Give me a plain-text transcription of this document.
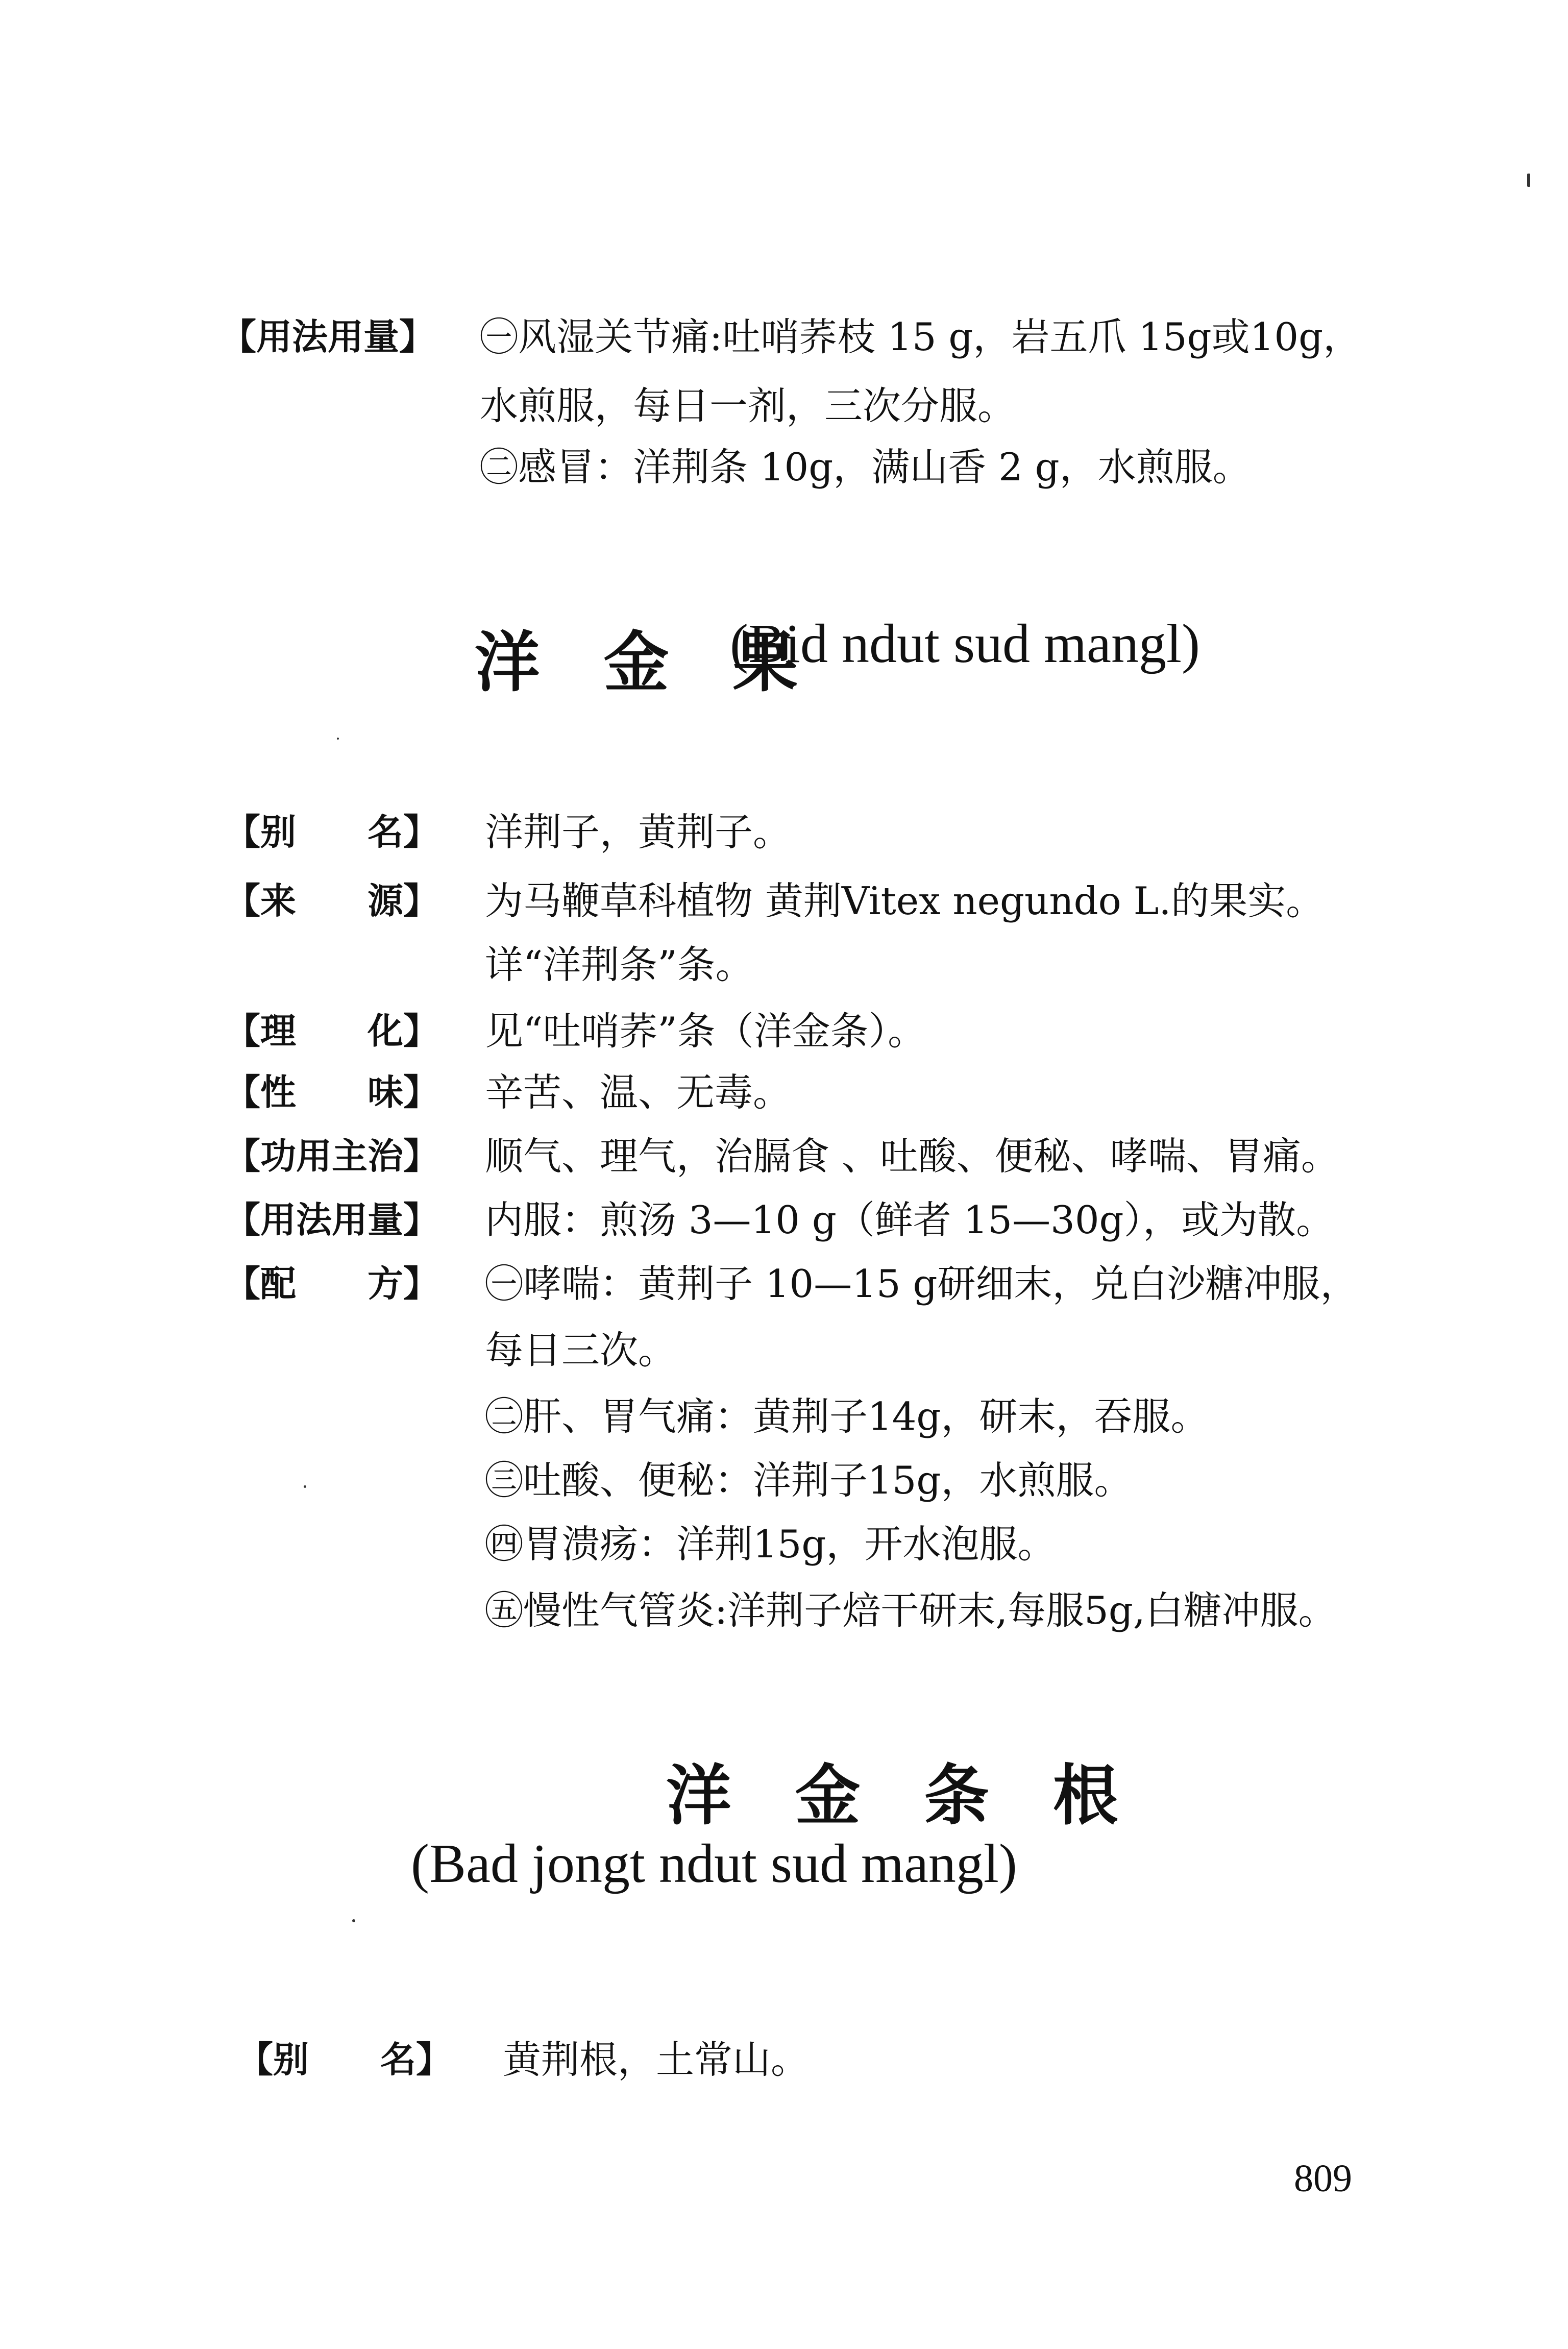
【用法用量】 ㊀风湿关节痛:吐哨荞枝 15 g，岩五爪 15g或10g，
水煎服，每日一剂，三次分服。
㊁感冒：洋荆条 10g，满山香 2 g，水煎服。
洋 金 果
(Bid ndut sud mangl)
【别　　名】 洋荆子，黄荆子。
【来　　源】 为马鞭草科植物 黄荆Vitex negundo L.的果实。
详“洋荆条”条。
【理　　化】 见“吐哨荞”条（洋金条）。
【性　　味】 辛苦、温、无毒。
【功用主治】 顺气、理气，治膈食 、吐酸、便秘、哮喘、胃痛。
【用法用量】 内服：煎汤 3—10 g（鲜者 15—30g），或为散。
【配　　方】 ㊀哮喘：黄荆子 10—15 g研细末，兑白沙糖冲服，
每日三次。
㊁肝、胃气痛：黄荆子14g，研末，吞服。
㊂吐酸、便秘：洋荆子15g，水煎服。
㊃胃溃疡：洋荆15g，开水泡服。
㊄慢性气管炎:洋荆子焙干研末,每服5g,白糖冲服。
洋 金 条 根
(Bad jongt ndut sud mangl)
【别　　名】 黄荆根，土常山。
809
